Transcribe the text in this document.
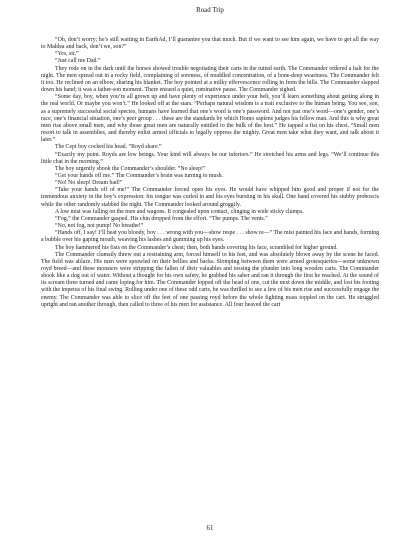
Road Trip

“Oh, don’t worry; he’s still waiting in EarthAd, I’ll guarantee you that much. But if we want to see him again, we have to get all the way to Maldea and back, don’t we, son?”

“Yes, sir.”

“Just call me Dad.”

They rode on in the dark until the horses showed trouble negotiating their carts in the rutted earth. The Commander ordered a halt for the night. The men spread out in a rocky field, complaining of soreness, of muddled concentration, of a bone-deep weariness. The Commander felt it too. He reclined on an elbow, sharing his blanket. The boy pointed at a milky effervescence rolling in from the hills. The Commander slapped down his hand; it was a father-son moment. There ensued a quiet, ruminative pause. The Commander sighed.

“Some day, boy, when you’re all grown up and have plenty of experience under your belt, you’ll learn something about getting along in the real world. Or maybe you won’t.” He looked off at the stars. “Perhaps natural wisdom is a trait exclusive to the human being. You see, son, as a supremely successful social species, humans have learned that one’s word is one’s password. And not just one’s word—one’s gender, one’s race, one’s financial situation, one’s peer group . . . these are the standards by which Homo sapiens judges his fellow man. And this is why great men rise above small men, and why those great men are naturally entitled to the bulk of the best.” He tapped a fist on his chest. “Small men resort to talk in assemblies, and thereby enlist armed officials to legally oppress the mighty. Great men take what they want, and talk about it later.”

The Cept boy cocked his head. “Royd share.”

“Exactly my point. Royds are low beings. Your kind will always be our inferiors.” He stretched his arms and legs. “We’ll continue this little chat in the morning.”

The boy urgently shook the Commander’s shoulder. “No sleep!”

“Get your hands off me.” The Commander’s brain was turning to mush.

“No! No sleep! Dream bad!”

“Take your hands off of me!” The Commander forced open his eyes. He would have whipped him good and proper if not for the tremendous anxiety in the boy’s expression: his tongue was curled in and his eyes bursting in his skull. One hand covered his stubby proboscis while the other randomly stabbed the night. The Commander looked around groggily.

A low mist was falling on the men and wagons. It congealed upon contact, clinging in wide sticky clumps.

“Fog,” the Commander gasped. His chin dropped from the effort. “The pumps. The vents.”

“No, not fog, not pump! No breathe!”

“Hands off, I say! I’ll beat you bloody, boy . . . wrong with you—show respe . . . show re—” The mist painted his face and hands, forming a bubble over his gaping mouth, weaving his lashes and gumming up his eyes.

The boy hammered his fists on the Commander’s chest; then, both hands covering his face, scrambled for higher ground.

The Commander clumsily threw out a restraining arm, forced himself to his feet, and was absolutely blown away by the scene he faced. The field was ablaze. His men were sprawled on their bellies and backs. Stomping between them were armed grotesqueries—some unknown royd breed—and these monsters were stripping the fallen of their valuables and tossing the plunder into long wooden carts. The Commander shook like a dog out of water. Without a thought for his own safety, he grabbed his saber and ran it through the first he reached. At the sound of its scream three turned and came loping for him. The Commander lopped off the head of one, cut the next down the middle, and lost his footing with the impetus of his final swing. Rolling under one of these odd carts, he was thrilled to see a few of his men rise and successfully engage the enemy. The Commander was able to slice off the feet of one passing royd before the whole fighting mass toppled on the cart. He struggled upright and ran another through, then called to three of his men for assistance. All four heaved the cart

61
